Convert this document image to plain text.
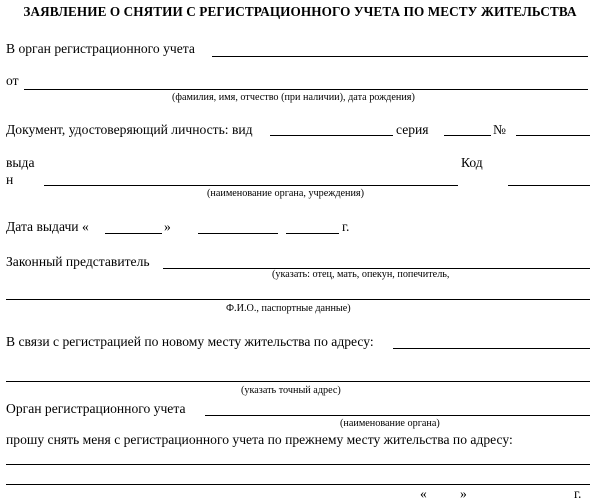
ЗАЯВЛЕНИЕ О СНЯТИИ С РЕГИСТРАЦИОННОГО УЧЕТА ПО МЕСТУ ЖИТЕЛЬСТВА
В орган регистрационного учета
от
(фамилия, имя, отчество (при наличии), дата рождения)
Документ, удостоверяющий личность: вид	серия	№
выда
н
Код
(наименование органа, учреждения)
Дата выдачи «	»	г.
Законный представитель
(указать: отец, мать, опекун, попечитель,
Ф.И.О., паспортные данные)
В связи с регистрацией по новому месту жительства по адресу:
(указать точный адрес)
Орган регистрационного учета
(наименование органа)
прошу снять меня с регистрационного учета по прежнему месту жительства по адресу:
« »	г.
